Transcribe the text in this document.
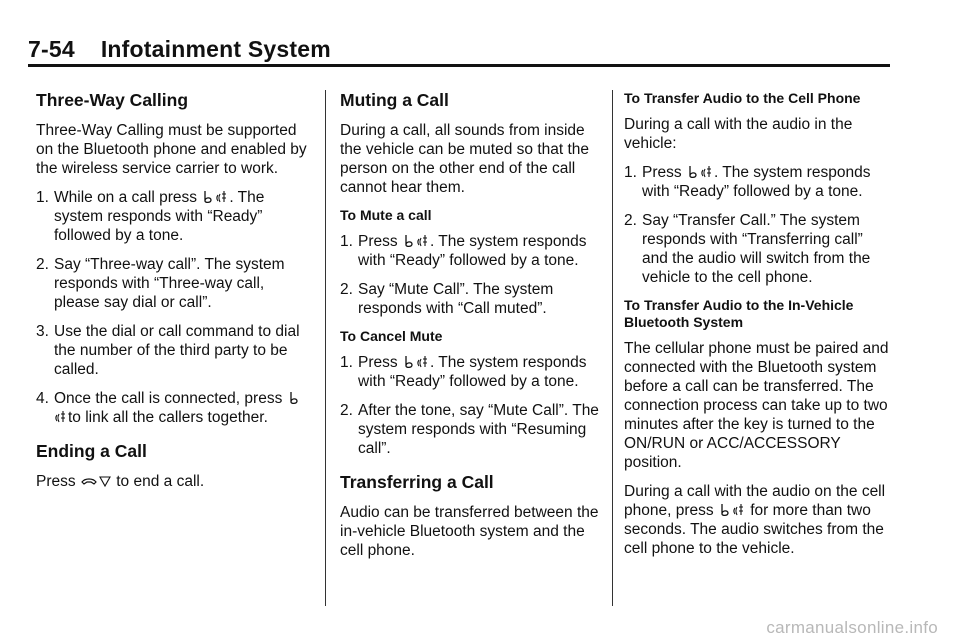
7-54 Infotainment System
Three-Way Calling

Three-Way Calling must be supported on the Bluetooth phone and enabled by the wireless service carrier to work.

1. While on a call press . The system responds with “Ready” followed by a tone.
2. Say “Three-way call”. The system responds with “Three-way call, please say dial or call”.
3. Use the dial or call command to dial the number of the third party to be called.
4. Once the call is connected, press
to link all the callers together.
Ending a Call

Press	to end a call.

Muting a Call

During a call, all sounds from inside the vehicle can be muted so that the person on the other end of the call cannot hear them.

To Mute a call
1. Press . The system responds with “Ready” followed by a tone.
2. Say “Mute Call”. The system responds with “Call muted”.
To Cancel Mute
1. Press . The system responds with “Ready” followed by a tone.
2. After the tone, say “Mute Call”. The system responds with “Resuming call”.
Transferring a Call

Audio can be transferred between the in-vehicle Bluetooth system and the cell phone.

To Transfer Audio to the Cell Phone

During a call with the audio in the vehicle:

1. Press . The system responds with “Ready” followed by a tone.
2. Say “Transfer Call.” The system responds with “Transferring call” and the audio will switch from the vehicle to the cell phone.
To Transfer Audio to the In-Vehicle Bluetooth System

The cellular phone must be paired and connected with the Bluetooth system before a call can be transferred. The connection process can take up to two minutes after the key is turned to the ON/RUN or ACC/ACCESSORY position.

During a call with the audio on the cell phone, press for more than two seconds. The audio switches from the cell phone to the vehicle.

carmanualsonline.info
